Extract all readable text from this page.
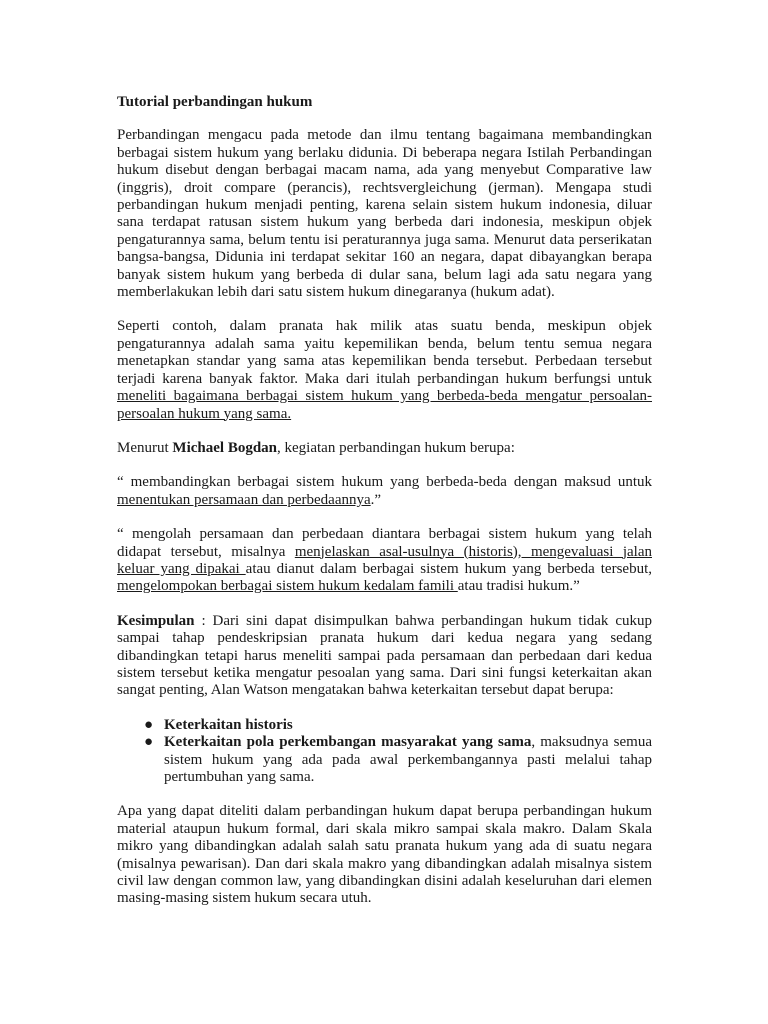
Tutorial perbandingan hukum

Perbandingan mengacu pada metode dan ilmu tentang bagaimana membandingkan berbagai sistem hukum yang berlaku didunia. Di beberapa negara Istilah Perbandingan hukum disebut dengan berbagai macam nama, ada yang menyebut Comparative law (inggris), droit compare (perancis), rechtsvergleichung (jerman). Mengapa studi perbandingan hukum menjadi penting, karena selain sistem hukum indonesia, diluar sana terdapat ratusan sistem hukum yang berbeda dari indonesia, meskipun objek pengaturannya sama, belum tentu isi peraturannya juga sama. Menurut data perserikatan bangsa-bangsa, Didunia ini terdapat sekitar 160 an negara, dapat dibayangkan berapa banyak sistem hukum yang berbeda di dular sana, belum lagi ada satu negara yang memberlakukan lebih dari satu sistem hukum dinegaranya (hukum adat).

Seperti contoh, dalam pranata hak milik atas suatu benda, meskipun objek pengaturannya adalah sama yaitu kepemilikan benda, belum tentu semua negara menetapkan standar yang sama atas kepemilikan benda tersebut. Perbedaan tersebut terjadi karena banyak faktor. Maka dari itulah perbandingan hukum berfungsi untuk meneliti bagaimana berbagai sistem hukum yang berbeda-beda mengatur persoalan-persoalan hukum yang sama.

Menurut Michael Bogdan, kegiatan perbandingan hukum berupa:

“ membandingkan berbagai sistem hukum yang berbeda-beda dengan maksud untuk menentukan persamaan dan perbedaannya.”

“ mengolah persamaan dan perbedaan diantara berbagai sistem hukum yang telah didapat tersebut, misalnya menjelaskan asal-usulnya (historis), mengevaluasi jalan keluar yang dipakai atau dianut dalam berbagai sistem hukum yang berbeda tersebut, mengelompokan berbagai sistem hukum kedalam famili atau tradisi hukum.”

Kesimpulan : Dari sini dapat disimpulkan bahwa perbandingan hukum tidak cukup sampai tahap pendeskripsian pranata hukum dari kedua negara yang sedang dibandingkan tetapi harus meneliti sampai pada persamaan dan perbedaan dari kedua sistem tersebut ketika mengatur pesoalan yang sama. Dari sini fungsi keterkaitan akan sangat penting, Alan Watson mengatakan bahwa keterkaitan tersebut dapat berupa:

● Keterkaitan historis
● Keterkaitan pola perkembangan masyarakat yang sama, maksudnya semua sistem hukum yang ada pada awal perkembangannya pasti melalui tahap pertumbuhan yang sama.

Apa yang dapat diteliti dalam perbandingan hukum dapat berupa perbandingan hukum material ataupun hukum formal, dari skala mikro sampai skala makro. Dalam Skala mikro yang dibandingkan adalah salah satu pranata hukum yang ada di suatu negara (misalnya pewarisan). Dan dari skala makro yang dibandingkan adalah misalnya sistem civil law dengan common law, yang dibandingkan disini adalah keseluruhan dari elemen masing-masing sistem hukum secara utuh.
